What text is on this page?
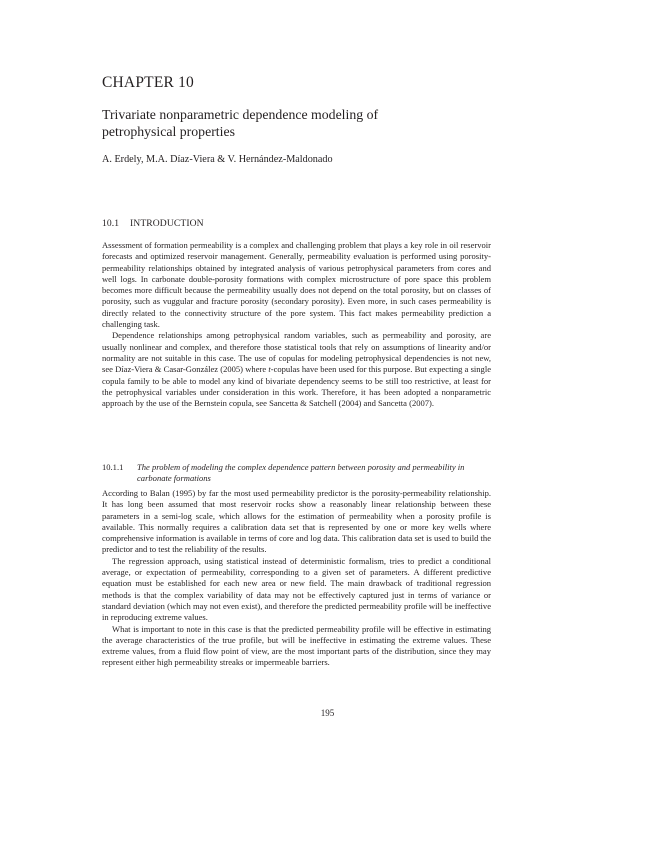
CHAPTER 10
Trivariate nonparametric dependence modeling of
petrophysical properties

A. Erdely, M.A. Díaz-Viera & V. Hernández-Maldonado

10.1 INTRODUCTION

Assessment of formation permeability is a complex and challenging problem that plays a key role in oil reservoir forecasts and optimized reservoir management. Generally, permeability evaluation is performed using porosity-permeability relationships obtained by integrated analysis of various petrophysical parameters from cores and well logs. In carbonate double-porosity formations with complex microstructure of pore space this problem becomes more difficult because the permeability usually does not depend on the total porosity, but on classes of porosity, such as vuggular and fracture porosity (secondary porosity). Even more, in such cases permeability is directly related to the connectivity structure of the pore system. This fact makes permeability prediction a challenging task.

Dependence relationships among petrophysical random variables, such as permeability and porosity, are usually nonlinear and complex, and therefore those statistical tools that rely on assumptions of linearity and/or normality are not suitable in this case. The use of copulas for modeling petrophysical dependencies is not new, see Díaz-Viera & Casar-González (2005) where t-copulas have been used for this purpose. But expecting a single copula family to be able to model any kind of bivariate dependency seems to be still too restrictive, at least for the petrophysical variables under consideration in this work. Therefore, it has been adopted a nonparametric approach by the use of the Bernstein copula, see Sancetta & Satchell (2004) and Sancetta (2007).

10.1.1 The problem of modeling the complex dependence pattern between porosity and permeability in carbonate formations

According to Balan (1995) by far the most used permeability predictor is the porosity-permeability relationship. It has long been assumed that most reservoir rocks show a reasonably linear relationship between these parameters in a semi-log scale, which allows for the estimation of permeability when a porosity profile is available. This normally requires a calibration data set that is represented by one or more key wells where comprehensive information is available in terms of core and log data. This calibration data set is used to build the predictor and to test the reliability of the results.

The regression approach, using statistical instead of deterministic formalism, tries to predict a conditional average, or expectation of permeability, corresponding to a given set of parameters. A different predictive equation must be established for each new area or new field. The main drawback of traditional regression methods is that the complex variability of data may not be effectively captured just in terms of variance or standard deviation (which may not even exist), and therefore the predicted permeability profile will be ineffective in reproducing extreme values.

What is important to note in this case is that the predicted permeability profile will be effective in estimating the average characteristics of the true profile, but will be ineffective in estimating the extreme values. These extreme values, from a fluid flow point of view, are the most important parts of the distribution, since they may represent either high permeability streaks or impermeable barriers.

195
